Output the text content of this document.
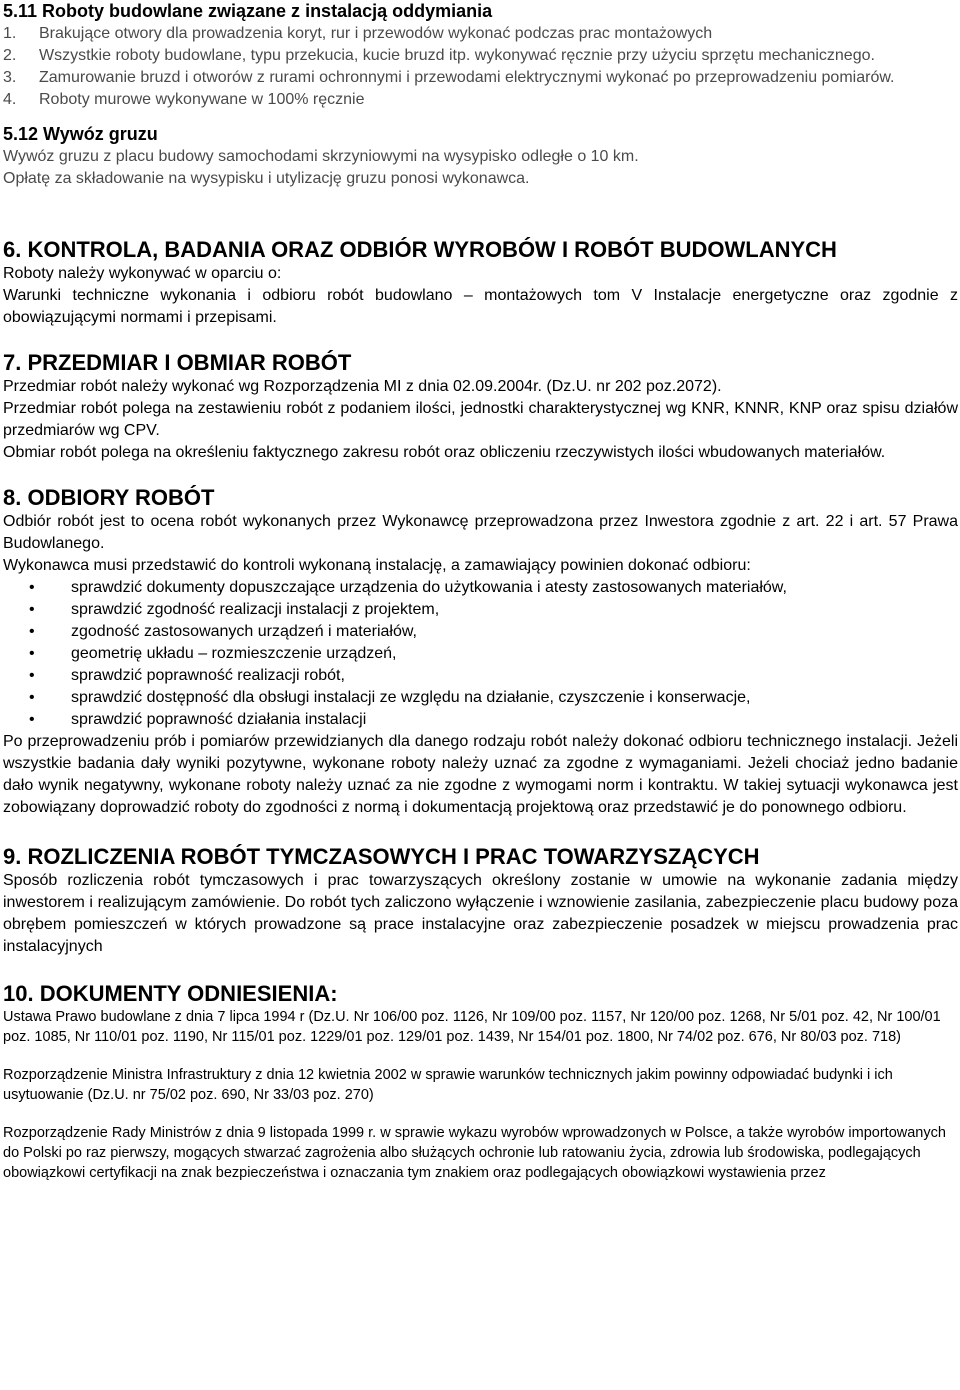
5.11 Roboty budowlane związane z instalacją oddymiania
1. Brakujące otwory dla prowadzenia koryt, rur i przewodów wykonać podczas prac montażowych
2. Wszystkie roboty budowlane, typu przekucia, kucie bruzd itp. wykonywać ręcznie przy użyciu sprzętu mechanicznego.
3. Zamurowanie bruzd i otworów z rurami ochronnymi i przewodami elektrycznymi wykonać po przeprowadzeniu pomiarów.
4. Roboty murowe wykonywane w 100% ręcznie
5.12 Wywóz gruzu

Wywóz gruzu z placu budowy samochodami skrzyniowymi na wysypisko odległe o 10 km.

Opłatę za składowanie na wysypisku i utylizację gruzu ponosi wykonawca.

6. KONTROLA, BADANIA ORAZ ODBIÓR WYROBÓW I ROBÓT BUDOWLANYCH

Roboty należy wykonywać w oparciu o:

Warunki techniczne wykonania i odbioru robót budowlano – montażowych tom V Instalacje energetyczne oraz zgodnie z obowiązującymi normami i przepisami.

7. PRZEDMIAR I OBMIAR ROBÓT

Przedmiar robót należy wykonać wg Rozporządzenia MI z dnia 02.09.2004r. (Dz.U. nr 202 poz.2072).

Przedmiar robót polega na zestawieniu robót z podaniem ilości, jednostki charakterystycznej wg KNR, KNNR, KNP oraz spisu działów przedmiarów wg CPV.

Obmiar robót polega na określeniu faktycznego zakresu robót oraz obliczeniu rzeczywistych ilości wbudowanych materiałów.

8. ODBIORY ROBÓT

Odbiór robót jest to ocena robót wykonanych przez Wykonawcę przeprowadzona przez Inwestora zgodnie z art. 22 i art. 57 Prawa Budowlanego.

Wykonawca musi przedstawić do kontroli wykonaną instalację, a zamawiający powinien dokonać odbioru:

• sprawdzić dokumenty dopuszczające urządzenia do użytkowania i atesty zastosowanych materiałów,
• sprawdzić zgodność realizacji instalacji z projektem,
• zgodność zastosowanych urządzeń i materiałów,
• geometrię układu – rozmieszczenie urządzeń,
• sprawdzić poprawność realizacji robót,
• sprawdzić dostępność dla obsługi instalacji ze względu na działanie, czyszczenie i konserwacje,
• sprawdzić poprawność działania instalacji

Po przeprowadzeniu prób i pomiarów przewidzianych dla danego rodzaju robót należy dokonać odbioru technicznego instalacji. Jeżeli wszystkie badania dały wyniki pozytywne, wykonane roboty należy uznać za zgodne z wymaganiami. Jeżeli chociaż jedno badanie dało wynik negatywny, wykonane roboty należy uznać za nie zgodne z wymogami norm i kontraktu. W takiej sytuacji wykonawca jest zobowiązany doprowadzić roboty do zgodności z normą i dokumentacją projektową oraz przedstawić je do ponownego odbioru.

9. ROZLICZENIA ROBÓT TYMCZASOWYCH I PRAC TOWARZYSZĄCYCH

Sposób rozliczenia robót tymczasowych i prac towarzyszących określony zostanie w umowie na wykonanie zadania między inwestorem i realizującym zamówienie. Do robót tych zaliczono wyłączenie i wznowienie zasilania, zabezpieczenie placu budowy poza obrębem pomieszczeń w których prowadzone są prace instalacyjne oraz zabezpieczenie posadzek w miejscu prowadzenia prac instalacyjnych

10. DOKUMENTY ODNIESIENIA:

Ustawa Prawo budowlane z dnia 7 lipca 1994 r (Dz.U. Nr 106/00 poz. 1126, Nr 109/00 poz. 1157, Nr 120/00 poz. 1268, Nr 5/01 poz. 42, Nr 100/01 poz. 1085, Nr 110/01 poz. 1190, Nr 115/01 poz. 1229/01 poz. 129/01 poz. 1439, Nr 154/01 poz. 1800, Nr 74/02 poz. 676, Nr 80/03 poz. 718)

Rozporządzenie Ministra Infrastruktury z dnia 12 kwietnia 2002 w sprawie warunków technicznych jakim powinny odpowiadać budynki i ich usytuowanie (Dz.U. nr 75/02 poz. 690, Nr 33/03 poz. 270)

Rozporządzenie Rady Ministrów z dnia 9 listopada 1999 r. w sprawie wykazu wyrobów wprowadzonych w Polsce, a także wyrobów importowanych do Polski po raz pierwszy, mogących stwarzać zagrożenia albo służących ochronie lub ratowaniu życia, zdrowia lub środowiska, podlegających obowiązkowi certyfikacji na znak bezpieczeństwa i oznaczania tym znakiem oraz podlegających obowiązkowi wystawienia przez
